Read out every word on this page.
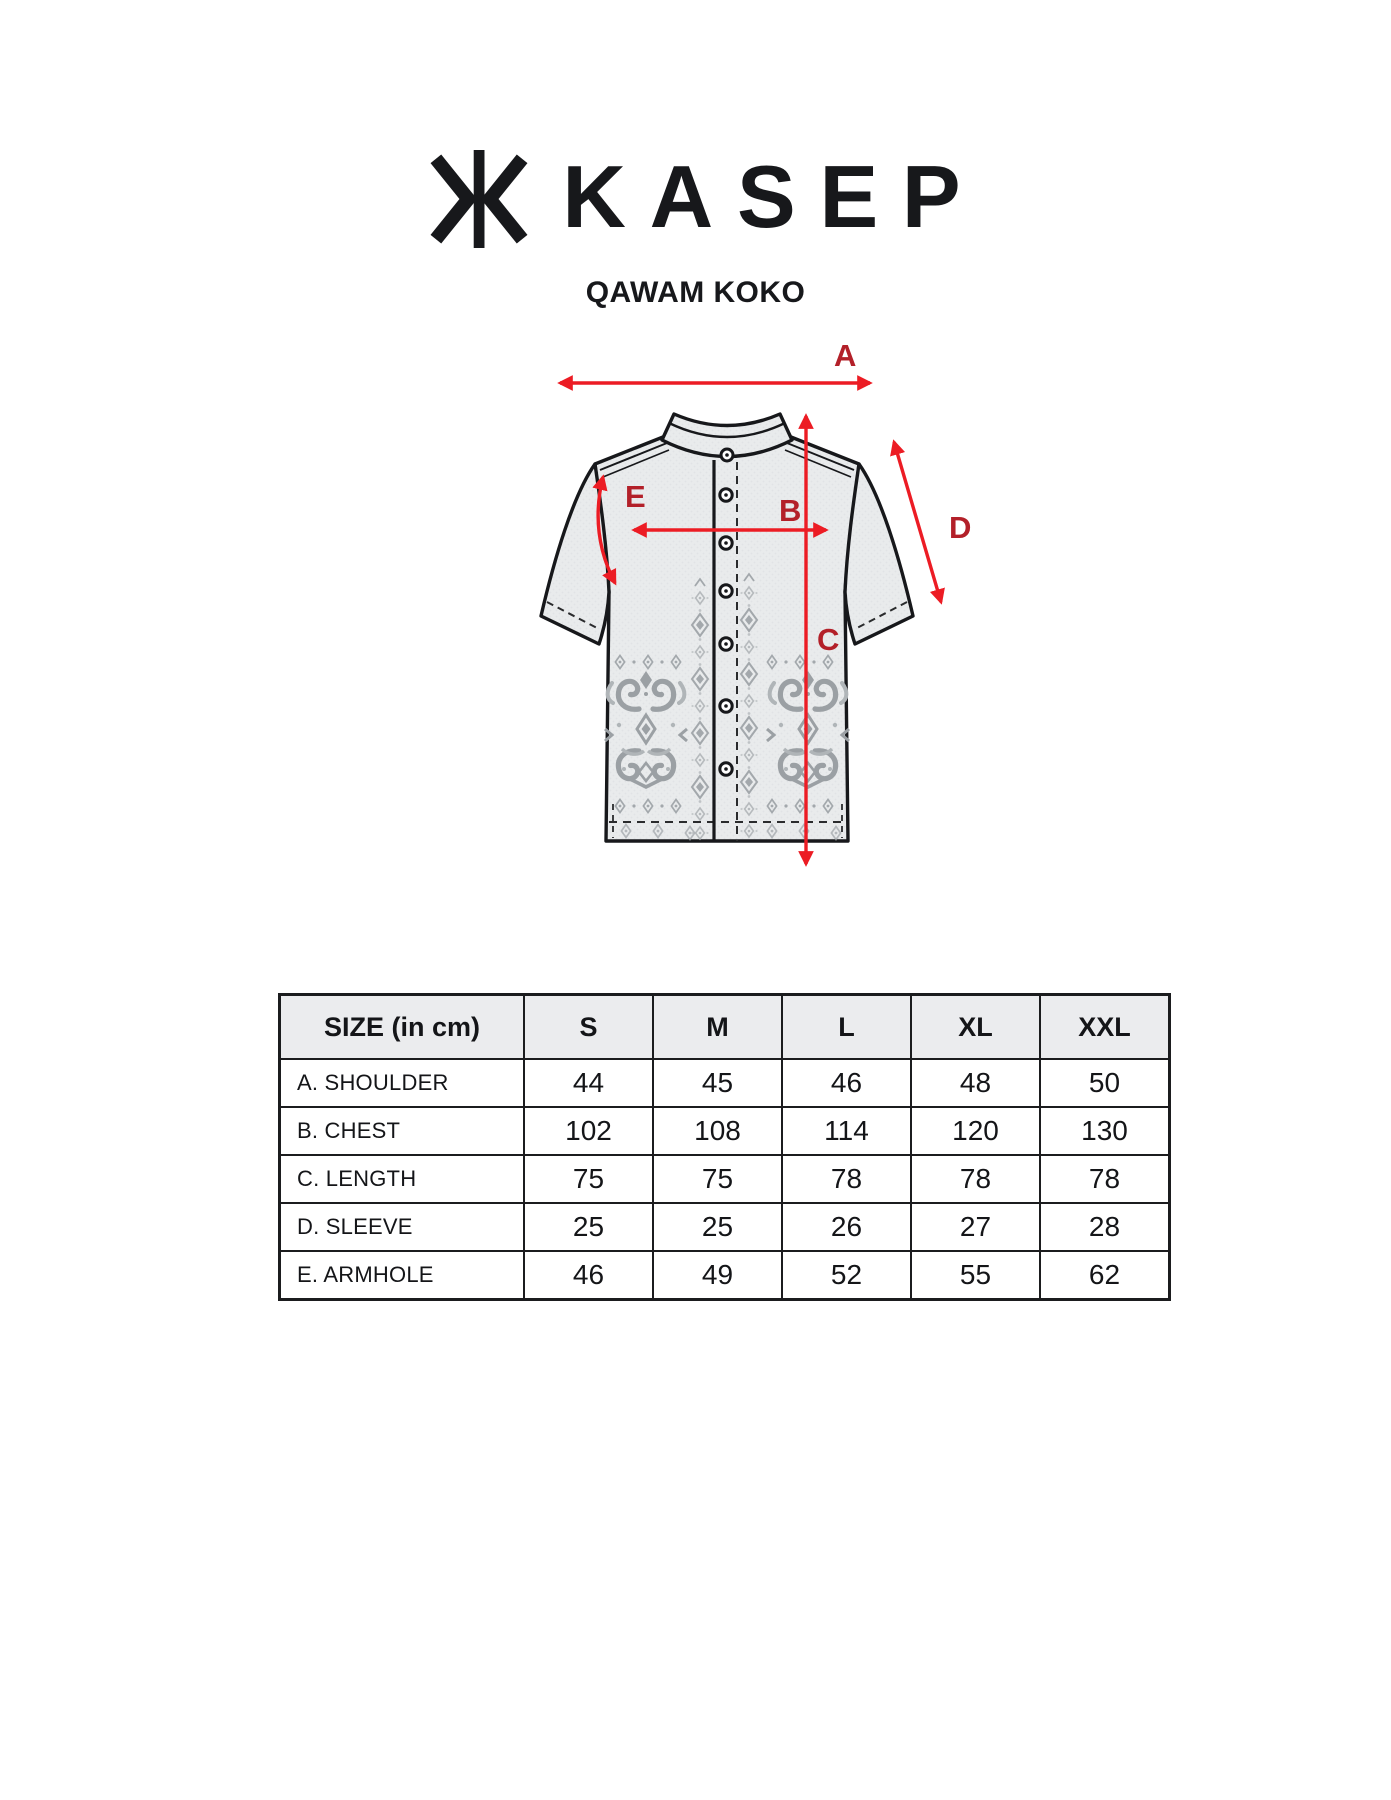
KASEP
QAWAM KOKO
A
B
C
D
E
SIZE (in cm)	S	M	L	XL	XXL
A. SHOULDER	44	45	46	48	50
B. CHEST	102	108	114	120	130
C. LENGTH	75	75	78	78	78
D. SLEEVE	25	25	26	27	28
E. ARMHOLE	46	49	52	55	62
